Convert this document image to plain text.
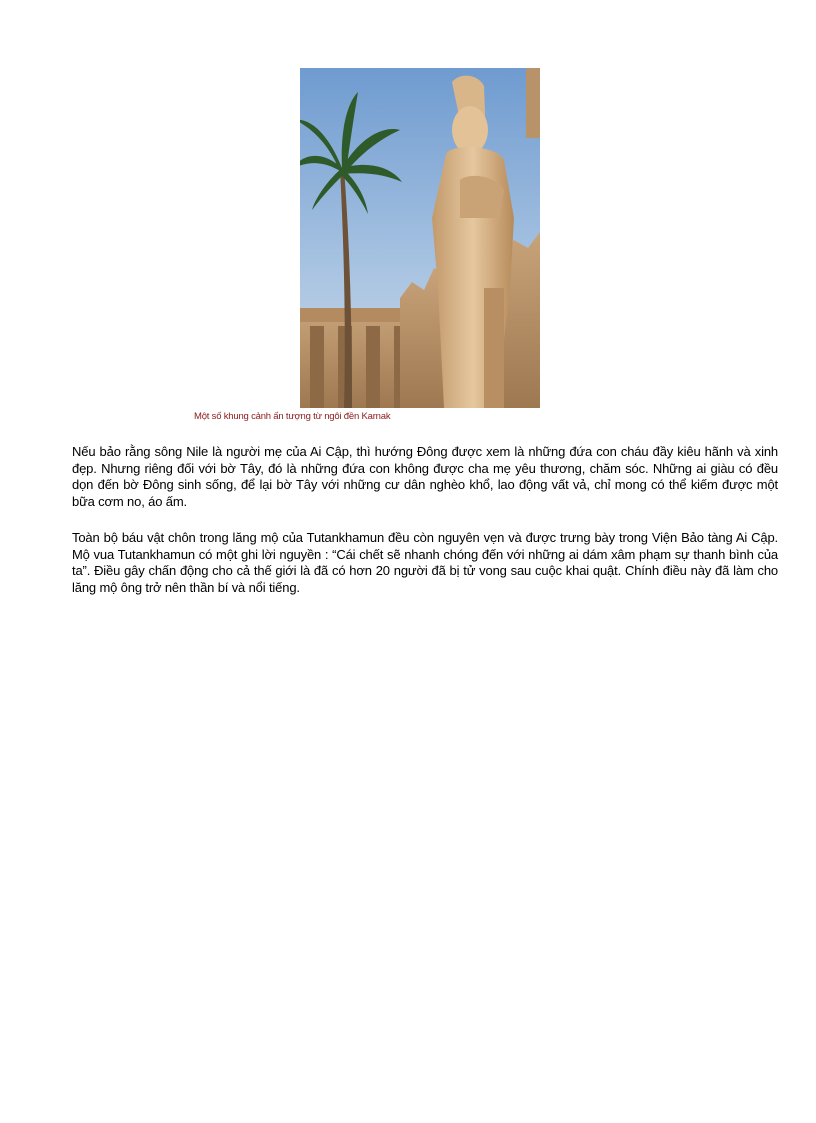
Một số khung cảnh ấn tượng từ ngôi đền Karnak

Nếu bảo rằng sông Nile là người mẹ của Ai Cập, thì hướng Đông được xem là những đứa con cháu đầy kiêu hãnh và xinh đẹp. Nhưng riêng đối với bờ Tây, đó là những đứa con không được cha mẹ yêu thương, chăm sóc. Những ai giàu có đều dọn đến bờ Đông sinh sống, để lại bờ Tây với những cư dân nghèo khổ, lao động vất vả, chỉ mong có thể kiếm được một bữa cơm no, áo ấm.

Toàn bộ báu vật chôn trong lăng mộ của Tutankhamun đều còn nguyên vẹn và được trưng bày trong Viện Bảo tàng Ai Cập. Mộ vua Tutankhamun có một ghi lời nguyền : “Cái chết sẽ nhanh chóng đến với những ai dám xâm phạm sự thanh bình của ta”. Điều gây chấn động cho cả thế giới là đã có hơn 20 người đã bị tử vong sau cuộc khai quật. Chính điều này đã làm cho lăng mộ ông trở nên thần bí và nổi tiếng.
